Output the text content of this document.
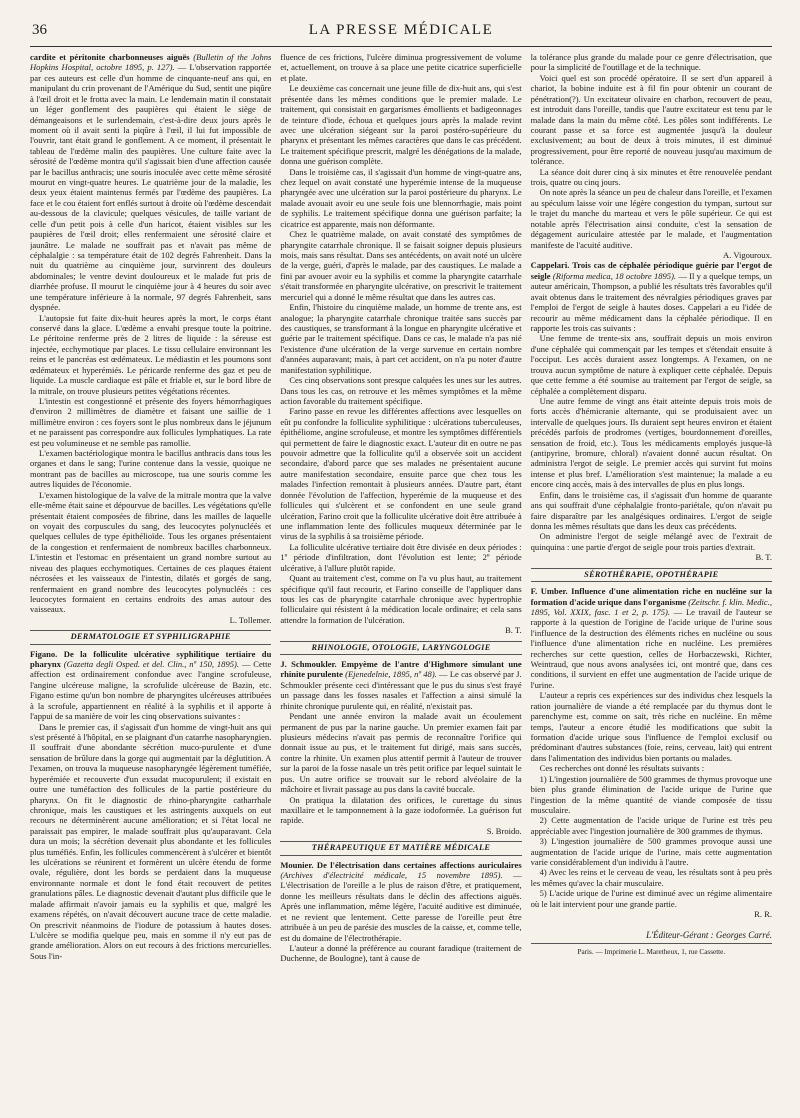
36	LA PRESSE MÉDICALE

cardite et péritonite charbonneuses aiguës (Bulletin of the Johns Hopkins Hospital, octobre 1895, p. 127). — L'observation rapportée par ces auteurs est celle d'un homme de cinquante-neuf ans qui, en manipulant du crin provenant de l'Amérique du Sud, sentit une piqûre à l'œil droit et le frotta avec la main. Le lendemain matin il constatait un léger gonflement des paupières qui étaient le siège de démangeaisons et le surlendemain, c'est-à-dire deux jours après le moment où il avait senti la piqûre à l'œil, il lui fut impossible de l'ouvrir, tant était grand le gonflement. A ce moment, il présentait le tableau de l'œdème malin des paupières. Une culture faite avec la sérosité de l'œdème montra qu'il s'agissait bien d'une affection causée par le bacillus anthracis; une souris inoculée avec cette même sérosité mourut en vingt-quatre heures. Le quatrième jour de la maladie, les deux yeux étaient maintenus fermés par l'œdème des paupières. La face et le cou étaient fort enflés surtout à droite où l'œdème descendait au-dessous de la clavicule; quelques vésicules, de taille variant de celle d'un petit pois à celle d'un haricot, étaient visibles sur les paupières de l'œil droit; elles renfermaient une sérosité claire et jaunâtre. Le malade ne souffrait pas et n'avait pas même de céphalalgie : sa température était de 102 degrés Fahrenheit. Dans la nuit du quatrième au cinquième jour, survinrent des douleurs abdominales; le ventre devint douloureux et le malade fut pris de diarrhée profuse. Il mourut le cinquième jour à 4 heures du soir avec une température inférieure à la normale, 97 degrés Fahrenheit, sans dyspnée.

L'autopsie fut faite dix-huit heures après la mort, le corps étant conservé dans la glace. L'œdème a envahi presque toute la poitrine. Le péritoine renferme près de 2 litres de liquide : la séreuse est injectée, ecchymotique par places. Le tissu cellulaire environnant les reins et le pancréas est œdémateux. Le médiastin et les poumons sont œdémateux et hyperémiés. Le péricarde renferme des gaz et peu de liquide. La muscle cardiaque est pâle et friable et, sur le bord libre de la mitrale, on trouve plusieurs petites végétations récentes.

L'intestin est congestionné et présente des foyers hémorrhagiques d'environ 2 millimètres de diamètre et faisant une saillie de 1 millimètre environ : ces foyers sont le plus nombreux dans le jéjunum et ne paraissent pas correspondre aux follicules lymphatiques. La rate est peu volumineuse et ne semble pas ramollie.

L'examen bactériologique montra le bacillus anthracis dans tous les organes et dans le sang; l'urine contenue dans la vessie, quoique ne montrant pas de bacilles au microscope, tua une souris comme les autres liquides de l'économie.

L'examen histologique de la valve de la mitrale montra que la valve elle-même était saine et dépourvue de bacilles. Les végétations qu'elle présentait étaient composées de fibrine, dans les mailles de laquelle on voyait des corpuscules du sang, des leucocytes polynucléés et quelques cellules de type épithélioïde. Tous les organes présentaient de la congestion et renfermaient de nombreux bacilles charbonneux. L'intestin et l'estomac en présentaient un grand nombre surtout au niveau des plaques ecchymotiques. Certaines de ces plaques étaient nécrosées et les vaisseaux de l'intestin, dilatés et gorgés de sang, renfermaient en grand nombre des leucocytes polynucléés : ces leucocytes formaient en certains endroits des amas autour des vaisseaux.

L. Tollemer.

DERMATOLOGIE ET SYPHILIGRAPHIE

Figano. De la folliculite ulcérative syphilitique tertiaire du pharynx (Gazetta degli Osped. et del. Clin., nº 150, 1895). — Cette affection est ordinairement confondue avec l'angine scrofuleuse, l'angine ulcéreuse maligne, la scrofulide ulcéreuse de Bazin, etc. Figano estime qu'un bon nombre de pharyngites ulcéreuses attribuées à la scrofule, appartiennent en réalité à la syphilis et il apporte à l'appui de sa manière de voir les cinq observations suivantes :

Dans le premier cas, il s'agissait d'un homme de vingt-huit ans qui s'est présenté à l'hôpital, en se plaignant d'un catarrhe nasopharyngien. Il souffrait d'une abondante sécrétion muco-purulente et d'une sensation de brûlure dans la gorge qui augmentait par la déglutition. A l'examen, on trouva la muqueuse nasopharyngée légèrement tuméfiée, hyperémiée et recouverte d'un exsudat mucopurulent; il existait en outre une tuméfaction des follicules de la partie postérieure du pharynx. On fit le diagnostic de rhino-pharyngite catharrhale chronique, mais les caustiques et les astringents auxquels on eut recours ne déterminèrent aucune amélioration; et si l'état local ne paraissait pas empirer, le malade souffrait plus qu'auparavant. Cela dura un mois; la sécrétion devenait plus abondante et les follicules plus tuméfiés. Enfin, les follicules commencèrent à s'ulcérer et bientôt les ulcérations se réunirent et formèrent un ulcère étendu de forme ovale, régulière, dont les bords se perdaient dans la muqueuse environnante normale et dont le fond était recouvert de petites granulations pâles. Le diagnostic devenait d'autant plus difficile que le malade affirmait n'avoir jamais eu la syphilis et que, malgré les examens répétés, on n'avait découvert aucune trace de cette maladie. On prescrivit néanmoins de l'iodure de potassium à hautes doses. L'ulcère se modifia quelque peu, mais en somme il n'y eut pas de grande amélioration. Alors on eut recours à des frictions mercurielles. Sous l'in-

fluence de ces frictions, l'ulcère diminua progressivement de volume et, actuellement, on trouve à sa place une petite cicatrice superficielle et plate.

Le deuxième cas concernait une jeune fille de dix-huit ans, qui s'est présentée dans les mêmes conditions que le premier malade. Le traitement, qui consistait en gargarismes émollients et badigeonnages de teinture d'iode, échoua et quelques jours après la malade revint avec une ulcération siégeant sur la paroi postéro-supérieure du pharynx et présentant les mêmes caractères que dans le cas précédent. Le traitement spécifique prescrit, malgré les dénégations de la malade, donna une guérison complète.

Dans le troisième cas, il s'agissait d'un homme de vingt-quatre ans, chez lequel on avait constaté une hyperémie intense de la muqueuse pharyngée avec une ulcération sur la paroi postérieure du pharynx. Le malade avouait avoir eu une seule fois une blennorrhagie, mais point de syphilis. Le traitement spécifique donna une guérison parfaite; la cicatrice est apparente, mais non déformante.

Chez le quatrième malade, on avait constaté des symptômes de pharyngite catarrhale chronique. Il se faisait soigner depuis plusieurs mois, mais sans résultat. Dans ses antécédents, on avait noté un ulcère de la verge, guéri, d'après le malade, par des caustiques. Le malade a fini par avouer avoir eu la syphilis et comme la pharyngite catarrhale s'était transformée en pharyngite ulcérative, on prescrivit le traitement mercuriel qui a donné le même résultat que dans les autres cas.

Enfin, l'histoire du cinquième malade, un homme de trente ans, est analogue; la pharyngite catarrhale chronique traitée sans succès par des caustiques, se transformant à la longue en pharyngite ulcérative et guérie par le traitement spécifique. Dans ce cas, le malade n'a pas nié l'existence d'une ulcération de la verge survenue en certain nombre d'années auparavant; mais, à part cet accident, on n'a pu noter d'autre manifestation syphilitique.

Ces cinq observations sont presque calquées les unes sur les autres. Dans tous les cas, on retrouve et les mêmes symptômes et la même action favorable du traitement spécifique.

Farino passe en revue les différentes affections avec lesquelles on eût pu confondre la folliculite syphilitique : ulcérations tuberculeuses, épithéliome, angine scrofuleuse, et montre les symptômes différentiels qui permettent de faire le diagnostic exact. L'auteur dit en outre ne pas pouvoir admettre que la folliculite qu'il a observée soit un accident secondaire, d'abord parce que ses malades ne présentaient aucune autre manifestation secondaire, ensuite parce que chez tous les malades l'infection remontait à plusieurs années. D'autre part, étant donnée l'évolution de l'affection, hyperémie de la muqueuse et des follicules qui s'ulcèrent et se confondent en une seule grand ulcération, Farino croit que la folliculite ulcérative doit être attribuée à une inflammation lente des follicules muqueux déterminée par le virus de la syphilis à sa troisième période.

La folliculite ulcérative tertiaire doit être divisée en deux périodes : 1º période d'infiltration, dont l'évolution est lente; 2º période ulcérative, à l'allure plutôt rapide.

Quant au traitement c'est, comme on l'a vu plus haut, au traitement spécifique qu'il faut recourir, et Farino conseille de l'appliquer dans tous les cas de pharyngite catarrhale chronique avec hypertrophie folliculaire qui résistent à la médication locale ordinaire; et cela sans attendre la formation de l'ulcération.

B. T.

RHINOLOGIE, OTOLOGIE, LARYNGOLOGIE

J. Schmoukler. Empyème de l'antre d'Highmore simulant une rhinite purulente (Ejenedelnie, 1895, nº 48). — Le cas observé par J. Schmoukler présente ceci d'intéressant que le pus du sinus s'est frayé un passage dans les fosses nasales et l'affection a ainsi simulé la rhinite chronique purulente qui, en réalité, n'existait pas.

Pendant une année environ la malade avait un écoulement permanent de pus par la narine gauche. Un premier examen fait par plusieurs médecins n'avait pas permis de reconnaître l'orifice qui donnait issue au pus, et le traitement fut dirigé, mais sans succès, contre la rhinite. Un examen plus attentif permit à l'auteur de trouver sur la paroi de la fosse nasale un très petit orifice par lequel suintait le pus. Un autre orifice se trouvait sur le rebord alvéolaire de la mâchoire et livrait passage au pus dans la cavité buccale.

On pratiqua la dilatation des orifices, le curettage du sinus maxillaire et le tamponnement à la gaze iodoformée. La guérison fut rapide.

S. Broido.

THÉRAPEUTIQUE ET MATIÈRE MÉDICALE

Mounier. De l'électrisation dans certaines affections auriculaires (Archives d'électricité médicale, 15 novembre 1895). — L'électrisation de l'oreille a le plus de raison d'être, et pratiquement, donne les meilleurs résultats dans le déclin des affections aiguës. Après une inflammation, même légère, l'acuité auditive est diminuée, et ne revient que lentement. Cette paresse de l'oreille peut être attribuée à un peu de parésie des muscles de la caisse, et, comme telle, est du domaine de l'électrothérapie.

L'auteur a donné la préférence au courant faradique (traitement de Duchenne, de Boulogne), tant à cause de

la tolérance plus grande du malade pour ce genre d'électrisation, que pour la simplicité de l'outillage et de la technique.

Voici quel est son procédé opératoire. Il se sert d'un appareil à chariot, la bobine induite est à fil fin pour obtenir un courant de pénétration(?). Un excitateur olivaire en charbon, recouvert de peau, est introduit dans l'oreille, tandis que l'autre excitateur est tenu par le malade dans la main du même côté. Les pôles sont indifférents. Le courant passe et sa force est augmentée jusqu'à la douleur exclusivement; au bout de deux à trois minutes, il est diminué progressivement, pour être reporté de nouveau jusqu'au maximum de tolérance.

La séance doit durer cinq à six minutes et être renouvelée pendant trois, quatre ou cinq jours.

On note après la séance un peu de chaleur dans l'oreille, et l'examen au spéculum laisse voir une légère congestion du tympan, surtout sur le trajet du manche du marteau et vers le pôle supérieur. Ce qui est notable après l'électrisation ainsi conduite, c'est la sensation de dégagement auriculaire attestée par le malade, et l'augmentation manifeste de l'acuité auditive.

A. Vigouroux.

Cappelari. Trois cas de céphalée périodique guérie par l'ergot de seigle (Riforma medica, 18 octobre 1895). — Il y a quelque temps, un auteur américain, Thompson, a publié les résultats très favorables qu'il avait obtenus dans le traitement des névralgies périodiques graves par l'emploi de l'ergot de seigle à hautes doses. Cappelari a eu l'idée de recourir au même médicament dans la céphalée périodique. Il en rapporte les trois cas suivants :

Une femme de trente-six ans, souffrait depuis un mois environ d'une céphalée qui commençait par les tempes et s'étendait ensuite à l'occiput. Les accès duraient assez longtemps. A l'examen, on ne trouva aucun symptôme de nature à expliquer cette céphalée. Depuis que cette femme a été soumise au traitement par l'ergot de seigle, sa céphalée a complètement disparu.

Une autre femme de vingt ans était atteinte depuis trois mois de forts accès d'hémicranie alternante, qui se produisaient avec un intervalle de quelques jours. Ils duraient sept heures environ et étaient précédés parfois de prodromes (vertiges, bourdonnement d'oreilles, sensation de froid, etc.). Tous les médicaments employés jusque-là (antipyrine, bromure, chloral) n'avaient donné aucun résultat. On administra l'ergot de seigle. Le premier accès qui survint fut moins intense et plus bref. L'amélioration s'est maintenue; la malade a eu encore cinq accès, mais à des intervalles de plus en plus longs.

Enfin, dans le troisième cas, il s'agissait d'un homme de quarante ans qui souffrait d'une céphalalgie fronto-pariétale, qu'on n'avait pu faire disparaître par les analgésiques ordinaires. L'ergot de seigle donna les mêmes résultats que dans les deux cas précédents.

On administre l'ergot de seigle mélangé avec de l'extrait de quinquina : une partie d'ergot de seigle pour trois parties d'extrait.

B. T.

SÉROTHÉRAPIE, OPOTHÉRAPIE

F. Umber. Influence d'une alimentation riche en nucléine sur la formation d'acide urique dans l'organisme (Zeitschr. f. klin. Medic., 1895, Vol. XXIX, fasc. 1 et 2, p. 175). — Le travail de l'auteur se rapporte à la question de l'origine de l'acide urique de l'urine sous l'influence de la destruction des éléments riches en nucléine ou sous l'influence d'une alimentation riche en nucléine. Les premières recherches sur cette question, celles de Horbaczewski, Richter, Weintraud, que nous avons analysées ici, ont montré que, dans ces conditions, il survient en effet une augmentation de l'acide urique de l'urine.

L'auteur a repris ces expériences sur des individus chez lesquels la ration journalière de viande a été remplacée par du thymus dont le parenchyme est, comme on sait, très riche en nucléine. En même temps, l'auteur a encore étudié les modifications que subit la formation d'acide urique sous l'influence de l'emploi exclusif ou prédominant d'autres substances (foie, reins, cerveau, lait) qui entrent dans l'alimentation des individus bien portants ou malades.

Ces recherches ont donné les résultats suivants :

1) L'ingestion journalière de 500 grammes de thymus provoque une bien plus grande élimination de l'acide urique de l'urine que l'ingestion de la même quantité de viande composée de tissu musculaire.

2) Cette augmentation de l'acide urique de l'urine est très peu appréciable avec l'ingestion journalière de 300 grammes de thymus.

3) L'ingestion journalière de 500 grammes provoque aussi une augmentation de l'acide urique de l'urine, mais cette augmentation varie considérablement d'un individu à l'autre.

4) Avec les reins et le cerveau de veau, les résultats sont à peu près les mêmes qu'avec la chair musculaire.

5) L'acide urique de l'urine est diminué avec un régime alimentaire où le lait intervient pour une grande partie.

R. R.

L'Éditeur-Gérant : Georges Carré.
Paris. — Imprimerie L. Maretheux, 1, rue Cassette.
